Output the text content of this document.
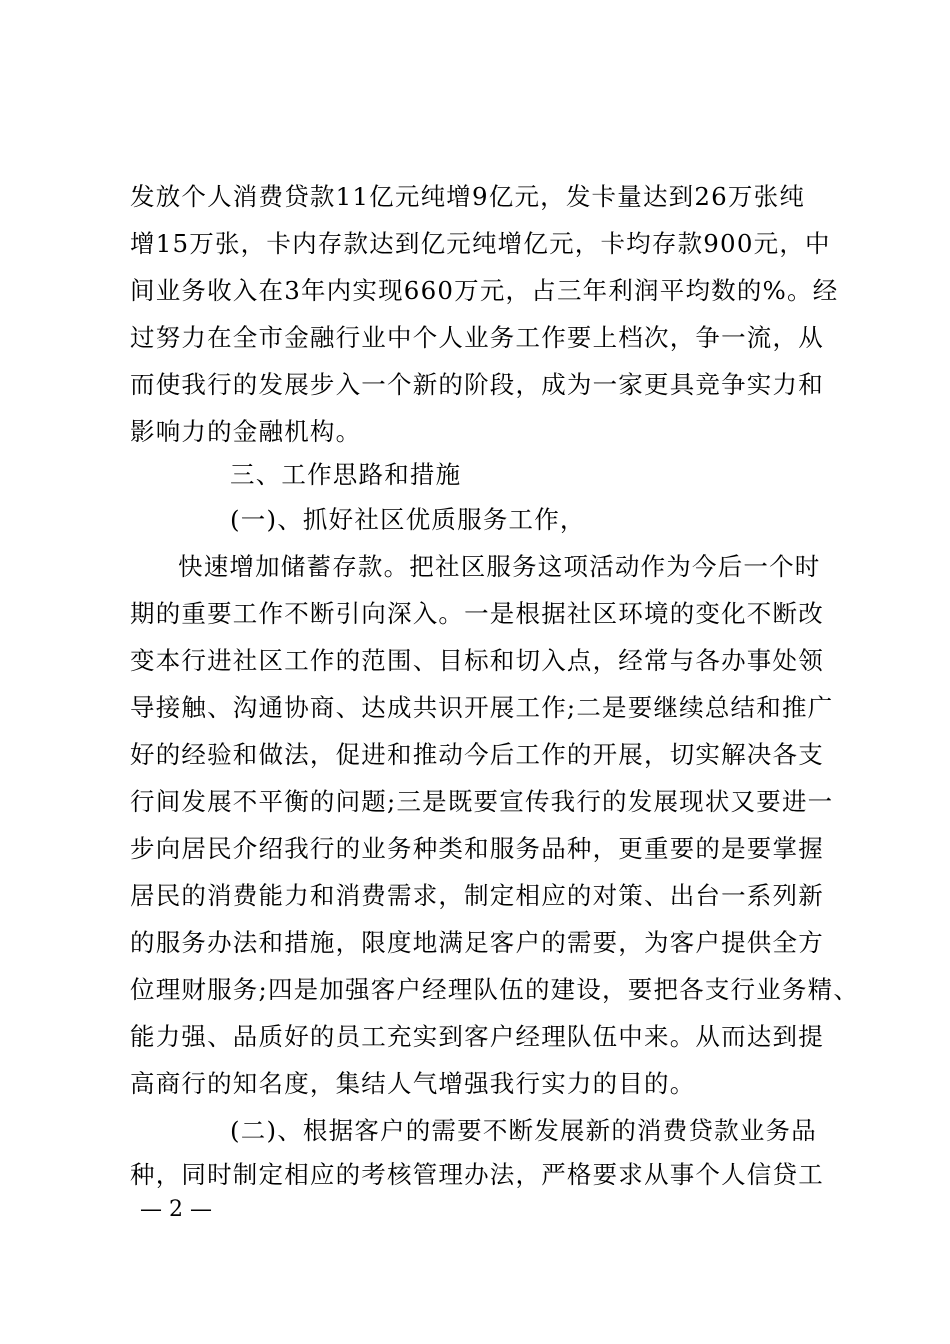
发放个人消费贷款11亿元纯增9亿元，发卡量达到26万张纯
增15万张，卡内存款达到亿元纯增亿元，卡均存款900元，中
间业务收入在3年内实现660万元，占三年利润平均数的%。经
过努力在全市金融行业中个人业务工作要上档次，争一流，从
而使我行的发展步入一个新的阶段，成为一家更具竞争实力和
影响力的金融机构。
三、工作思路和措施
(一)、抓好社区优质服务工作，
快速增加储蓄存款。把社区服务这项活动作为今后一个时
期的重要工作不断引向深入。一是根据社区环境的变化不断改
变本行进社区工作的范围、目标和切入点，经常与各办事处领
导接触、沟通协商、达成共识开展工作;二是要继续总结和推广
好的经验和做法，促进和推动今后工作的开展，切实解决各支
行间发展不平衡的问题;三是既要宣传我行的发展现状又要进一
步向居民介绍我行的业务种类和服务品种，更重要的是要掌握
居民的消费能力和消费需求，制定相应的对策、出台一系列新
的服务办法和措施，限度地满足客户的需要，为客户提供全方
位理财服务;四是加强客户经理队伍的建设，要把各支行业务精、
能力强、品质好的员工充实到客户经理队伍中来。从而达到提
高商行的知名度，集结人气增强我行实力的目的。
(二)、根据客户的需要不断发展新的消费贷款业务品
种，同时制定相应的考核管理办法，严格要求从事个人信贷工
— 2 —
